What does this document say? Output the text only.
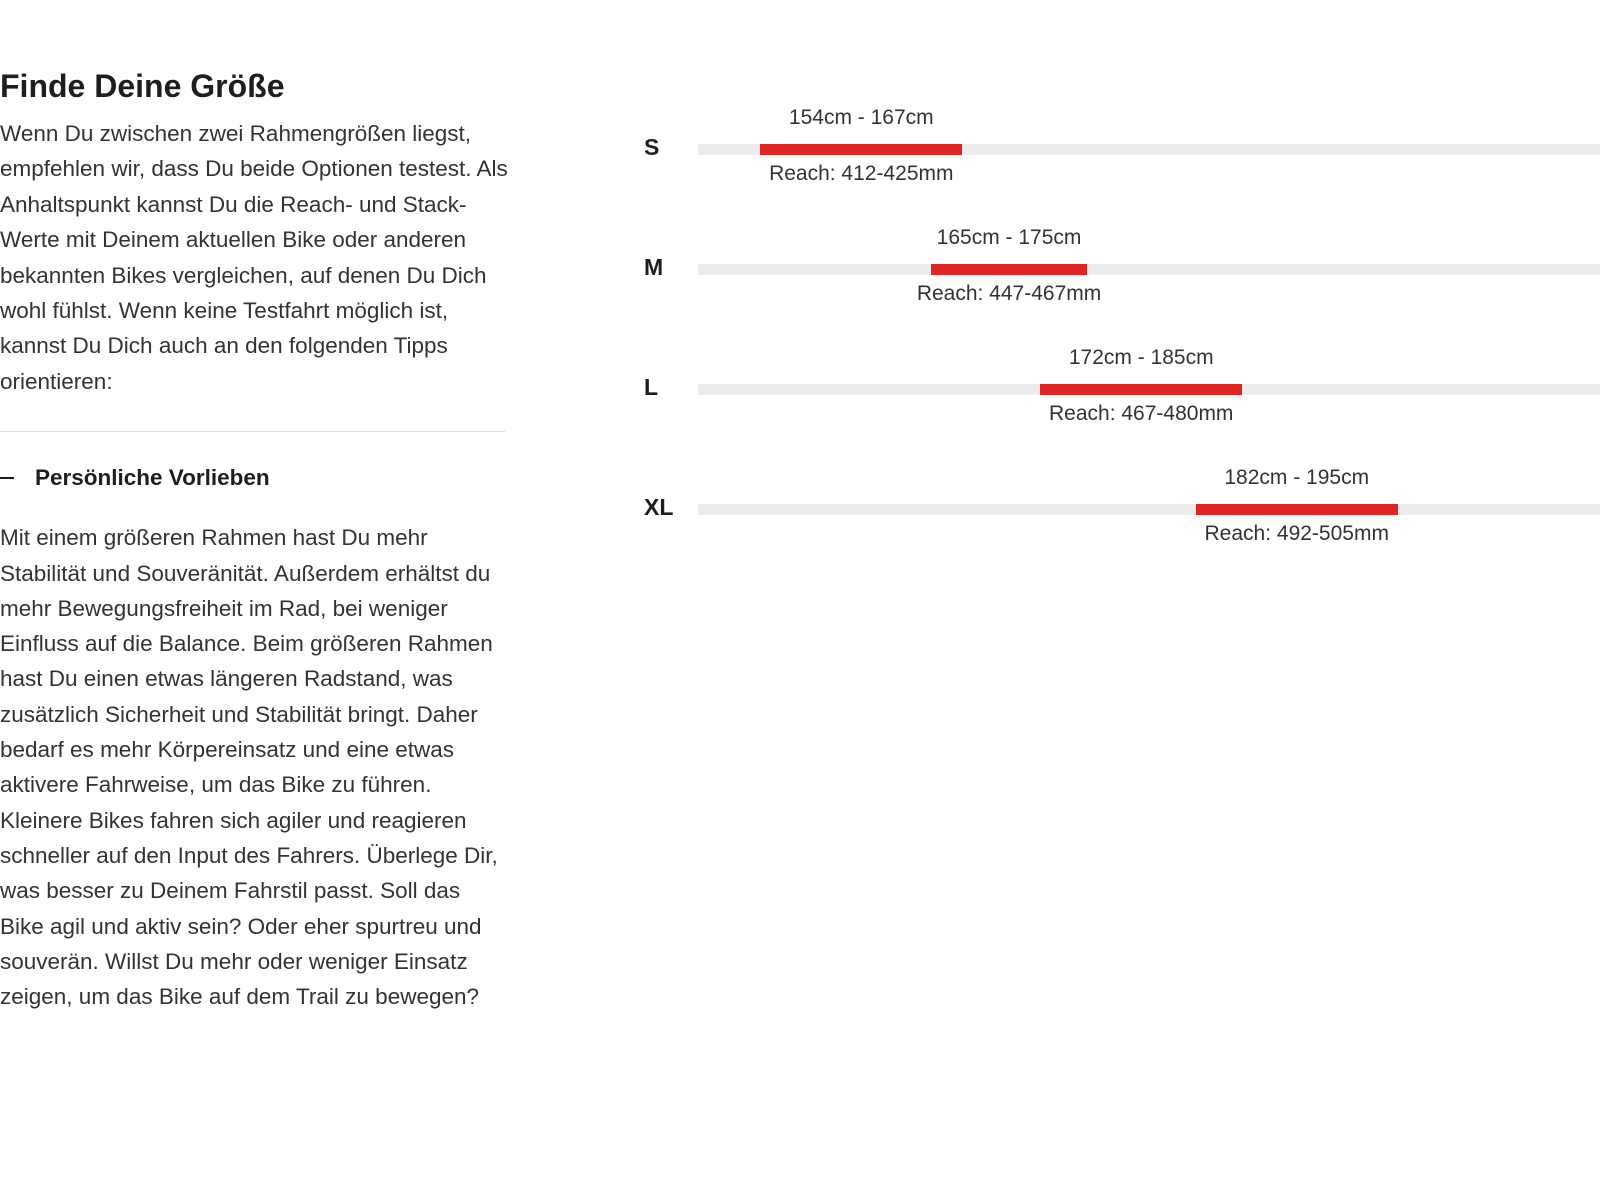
Finde Deine Größe

Wenn Du zwischen zwei Rahmengrößen liegst, empfehlen wir, dass Du beide Optionen testest. Als Anhaltspunkt kannst Du die Reach- und Stack-Werte mit Deinem aktuellen Bike oder anderen bekannten Bikes vergleichen, auf denen Du Dich wohl fühlst. Wenn keine Testfahrt möglich ist, kannst Du Dich auch an den folgenden Tipps orientieren:

Persönliche Vorlieben

Mit einem größeren Rahmen hast Du mehr Stabilität und Souveränität. Außerdem erhältst du mehr Bewegungsfreiheit im Rad, bei weniger Einfluss auf die Balance. Beim größeren Rahmen hast Du einen etwas längeren Radstand, was zusätzlich Sicherheit und Stabilität bringt. Daher bedarf es mehr Körpereinsatz und eine etwas aktivere Fahrweise, um das Bike zu führen. Kleinere Bikes fahren sich agiler und reagieren schneller auf den Input des Fahrers. Überlege Dir, was besser zu Deinem Fahrstil passt. Soll das Bike agil und aktiv sein? Oder eher spurtreu und souverän. Willst Du mehr oder weniger Einsatz zeigen, um das Bike auf dem Trail zu bewegen?

S
154cm - 167cm
Reach: 412-425mm
M
165cm - 175cm
Reach: 447-467mm
L
172cm - 185cm
Reach: 467-480mm
XL
182cm - 195cm
Reach: 492-505mm
